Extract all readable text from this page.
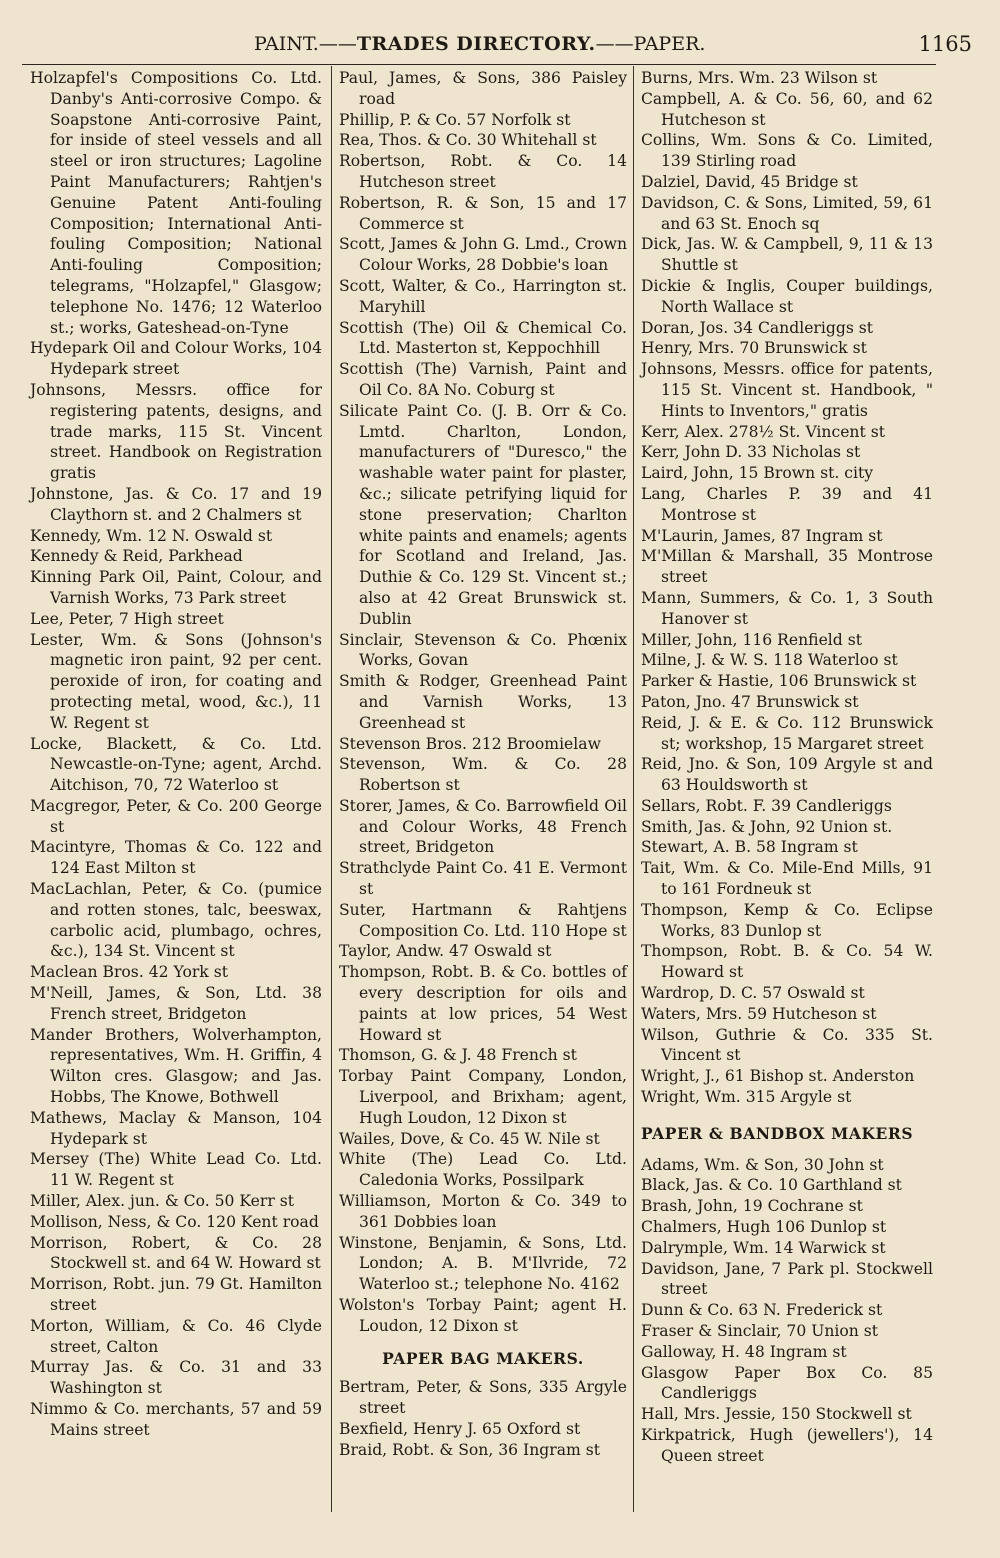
PAINT.——TRADES DIRECTORY.——PAPER.	1165

Holzapfel's Compositions Co. Ltd. Danby's Anti-corrosive Compo. & Soapstone Anti-corrosive Paint, for inside of steel vessels and all steel or iron structures; Lagoline Paint Manufacturers; Rahtjen's Genuine Patent Anti-fouling Composition; International Anti-fouling Composition; National Anti-fouling Composition; telegrams, "Holzapfel," Glasgow; telephone No. 1476; 12 Waterloo st.; works, Gateshead-on-Tyne

Hydepark Oil and Colour Works, 104 Hydepark street

Johnsons, Messrs. office for registering patents, designs, and trade marks, 115 St. Vincent street. Handbook on Registration gratis

Johnstone, Jas. & Co. 17 and 19 Claythorn st. and 2 Chalmers st

Kennedy, Wm. 12 N. Oswald st

Kennedy & Reid, Parkhead

Kinning Park Oil, Paint, Colour, and Varnish Works, 73 Park street

Lee, Peter, 7 High street

Lester, Wm. & Sons (Johnson's magnetic iron paint, 92 per cent. peroxide of iron, for coating and protecting metal, wood, &c.), 11 W. Regent st

Locke, Blackett, & Co. Ltd. Newcastle-on-Tyne; agent, Archd. Aitchison, 70, 72 Waterloo st

Macgregor, Peter, & Co. 200 George st

Macintyre, Thomas & Co. 122 and 124 East Milton st

MacLachlan, Peter, & Co. (pumice and rotten stones, talc, beeswax, carbolic acid, plumbago, ochres, &c.), 134 St. Vincent st

Maclean Bros. 42 York st

M'Neill, James, & Son, Ltd. 38 French street, Bridgeton

Mander Brothers, Wolverhampton, representatives, Wm. H. Griffin, 4 Wilton cres. Glasgow; and Jas. Hobbs, The Knowe, Bothwell

Mathews, Maclay & Manson, 104 Hydepark st

Mersey (The) White Lead Co. Ltd. 11 W. Regent st

Miller, Alex. jun. & Co. 50 Kerr st

Mollison, Ness, & Co. 120 Kent road

Morrison, Robert, & Co. 28 Stockwell st. and 64 W. Howard st

Morrison, Robt. jun. 79 Gt. Hamilton street

Morton, William, & Co. 46 Clyde street, Calton

Murray Jas. & Co. 31 and 33 Washington st

Nimmo & Co. merchants, 57 and 59 Mains street

Paul, James, & Sons, 386 Paisley road

Phillip, P. & Co. 57 Norfolk st

Rea, Thos. & Co. 30 Whitehall st

Robertson, Robt. & Co. 14 Hutcheson street

Robertson, R. & Son, 15 and 17 Commerce st

Scott, James & John G. Lmd., Crown Colour Works, 28 Dobbie's loan

Scott, Walter, & Co., Harrington st. Maryhill

Scottish (The) Oil & Chemical Co. Ltd. Masterton st, Keppochhill

Scottish (The) Varnish, Paint and Oil Co. 8A No. Coburg st

Silicate Paint Co. (J. B. Orr & Co. Lmtd. Charlton, London, manufacturers of "Duresco," the washable water paint for plaster, &c.; silicate petrifying liquid for stone preservation; Charlton white paints and enamels; agents for Scotland and Ireland, Jas. Duthie & Co. 129 St. Vincent st.; also at 42 Great Brunswick st. Dublin

Sinclair, Stevenson & Co. Phœnix Works, Govan

Smith & Rodger, Greenhead Paint and Varnish Works, 13 Greenhead st

Stevenson Bros. 212 Broomielaw

Stevenson, Wm. & Co. 28 Robertson st

Storer, James, & Co. Barrowfield Oil and Colour Works, 48 French street, Bridgeton

Strathclyde Paint Co. 41 E. Vermont st

Suter, Hartmann & Rahtjens Composition Co. Ltd. 110 Hope st

Taylor, Andw. 47 Oswald st

Thompson, Robt. B. & Co. bottles of every description for oils and paints at low prices, 54 West Howard st

Thomson, G. & J. 48 French st

Torbay Paint Company, London, Liverpool, and Brixham; agent, Hugh Loudon, 12 Dixon st

Wailes, Dove, & Co. 45 W. Nile st

White (The) Lead Co. Ltd. Caledonia Works, Possilpark

Williamson, Morton & Co. 349 to 361 Dobbies loan

Winstone, Benjamin, & Sons, Ltd. London; A. B. M'Ilvride, 72 Waterloo st.; telephone No. 4162

Wolston's Torbay Paint; agent H. Loudon, 12 Dixon st

PAPER BAG MAKERS.

Bertram, Peter, & Sons, 335 Argyle street

Bexfield, Henry J. 65 Oxford st

Braid, Robt. & Son, 36 Ingram st

Burns, Mrs. Wm. 23 Wilson st

Campbell, A. & Co. 56, 60, and 62 Hutcheson st

Collins, Wm. Sons & Co. Limited, 139 Stirling road

Dalziel, David, 45 Bridge st

Davidson, C. & Sons, Limited, 59, 61 and 63 St. Enoch sq

Dick, Jas. W. & Campbell, 9, 11 & 13 Shuttle st

Dickie & Inglis, Couper buildings, North Wallace st

Doran, Jos. 34 Candleriggs st

Henry, Mrs. 70 Brunswick st

Johnsons, Messrs. office for patents, 115 St. Vincent st. Handbook, " Hints to Inventors," gratis

Kerr, Alex. 278½ St. Vincent st

Kerr, John D. 33 Nicholas st

Laird, John, 15 Brown st. city

Lang, Charles P. 39 and 41 Montrose st

M'Laurin, James, 87 Ingram st

M'Millan & Marshall, 35 Montrose street

Mann, Summers, & Co. 1, 3 South Hanover st

Miller, John, 116 Renfield st

Milne, J. & W. S. 118 Waterloo st

Parker & Hastie, 106 Brunswick st

Paton, Jno. 47 Brunswick st

Reid, J. & E. & Co. 112 Brunswick st; workshop, 15 Margaret street

Reid, Jno. & Son, 109 Argyle st and 63 Houldsworth st

Sellars, Robt. F. 39 Candleriggs

Smith, Jas. & John, 92 Union st.

Stewart, A. B. 58 Ingram st

Tait, Wm. & Co. Mile-End Mills, 91 to 161 Fordneuk st

Thompson, Kemp & Co. Eclipse Works, 83 Dunlop st

Thompson, Robt. B. & Co. 54 W. Howard st

Wardrop, D. C. 57 Oswald st

Waters, Mrs. 59 Hutcheson st

Wilson, Guthrie & Co. 335 St. Vincent st

Wright, J., 61 Bishop st. Anderston

Wright, Wm. 315 Argyle st

PAPER & BANDBOX MAKERS

Adams, Wm. & Son, 30 John st

Black, Jas. & Co. 10 Garthland st

Brash, John, 19 Cochrane st

Chalmers, Hugh 106 Dunlop st

Dalrymple, Wm. 14 Warwick st

Davidson, Jane, 7 Park pl. Stockwell street

Dunn & Co. 63 N. Frederick st

Fraser & Sinclair, 70 Union st

Galloway, H. 48 Ingram st

Glasgow Paper Box Co. 85 Candleriggs

Hall, Mrs. Jessie, 150 Stockwell st

Kirkpatrick, Hugh (jewellers'), 14 Queen street
